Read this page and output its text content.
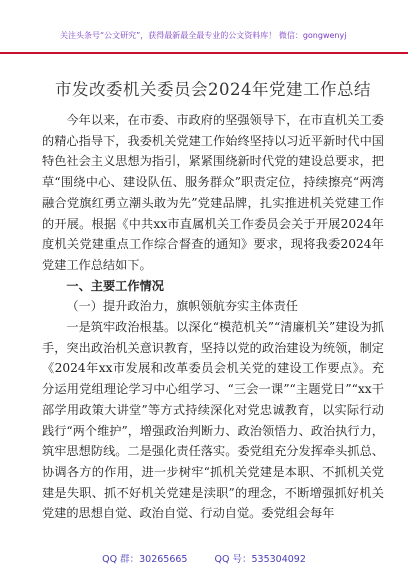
关注头条号“公文研究”，获得最新最全最专业的公文资料库！ 微信：gongwenyj
市发改委机关委员会2024年党建工作总结

今年以来，在市委、市政府的坚强领导下，在市直机关工委的精心指导下，我委机关党建工作始终坚持以习近平新时代中国特色社会主义思想为指引，紧紧围绕新时代党的建设总要求，把草“围绕中心、建设队伍、服务群众”职责定位，持续擦亮“两湾融合党旗红勇立潮头敢为先”党建品牌，扎实推进机关党建工作的开展。根据《中共xx市直属机关工作委员会关于开展2024年度机关党建重点工作综合督查的通知》要求，现将我委2024年党建工作总结如下。

一、主要工作情况

（一）提升政治力，旗帜领航夯实主体责任

一是筑牢政治根基。以深化“模范机关”“清廉机关”建设为抓手，突出政治机关意识教育，坚持以党的政治建设为统领，制定《2024年xx市发展和改革委员会机关党的建设工作要点》。充分运用党组理论学习中心组学习、“三会一课”“主题党日”“xx干部学用政策大讲堂”等方式持续深化对党忠诚教育，以实际行动践行“两个维护”，增强政治判断力、政治领悟力、政治执行力，筑牢思想防线。二是强化责任落实。委党组充分发挥牵头抓总、协调各方的作用，进一步树牢“抓机关党建是本职、不抓机关党建是失职、抓不好机关党建是渎职”的理念，不断增强抓好机关党建的思想自觉、政治自觉、行动自觉。委党组会每年

QQ 群：30265665	QQ 号：535304092
